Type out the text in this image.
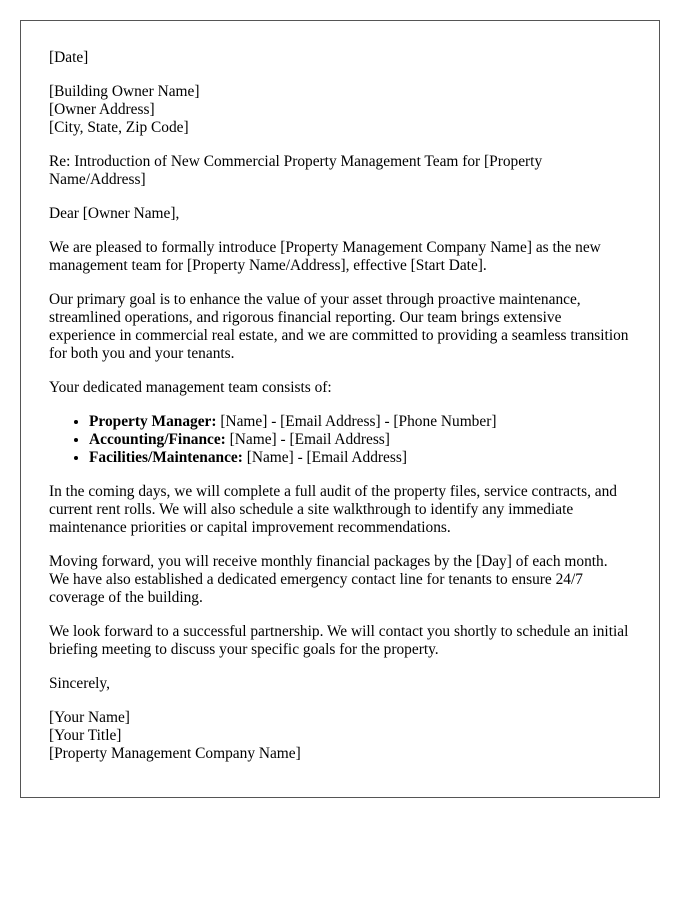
[Date]

[Building Owner Name]
[Owner Address]
[City, State, Zip Code]

Re: Introduction of New Commercial Property Management Team for [Property Name/Address]

Dear [Owner Name],

We are pleased to formally introduce [Property Management Company Name] as the new management team for [Property Name/Address], effective [Start Date].

Our primary goal is to enhance the value of your asset through proactive maintenance, streamlined operations, and rigorous financial reporting. Our team brings extensive experience in commercial real estate, and we are committed to providing a seamless transition for both you and your tenants.

Your dedicated management team consists of:

• Property Manager: [Name] - [Email Address] - [Phone Number]
• Accounting/Finance: [Name] - [Email Address]
• Facilities/Maintenance: [Name] - [Email Address]

In the coming days, we will complete a full audit of the property files, service contracts, and current rent rolls. We will also schedule a site walkthrough to identify any immediate maintenance priorities or capital improvement recommendations.

Moving forward, you will receive monthly financial packages by the [Day] of each month. We have also established a dedicated emergency contact line for tenants to ensure 24/7 coverage of the building.

We look forward to a successful partnership. We will contact you shortly to schedule an initial briefing meeting to discuss your specific goals for the property.

Sincerely,

[Your Name]
[Your Title]
[Property Management Company Name]
